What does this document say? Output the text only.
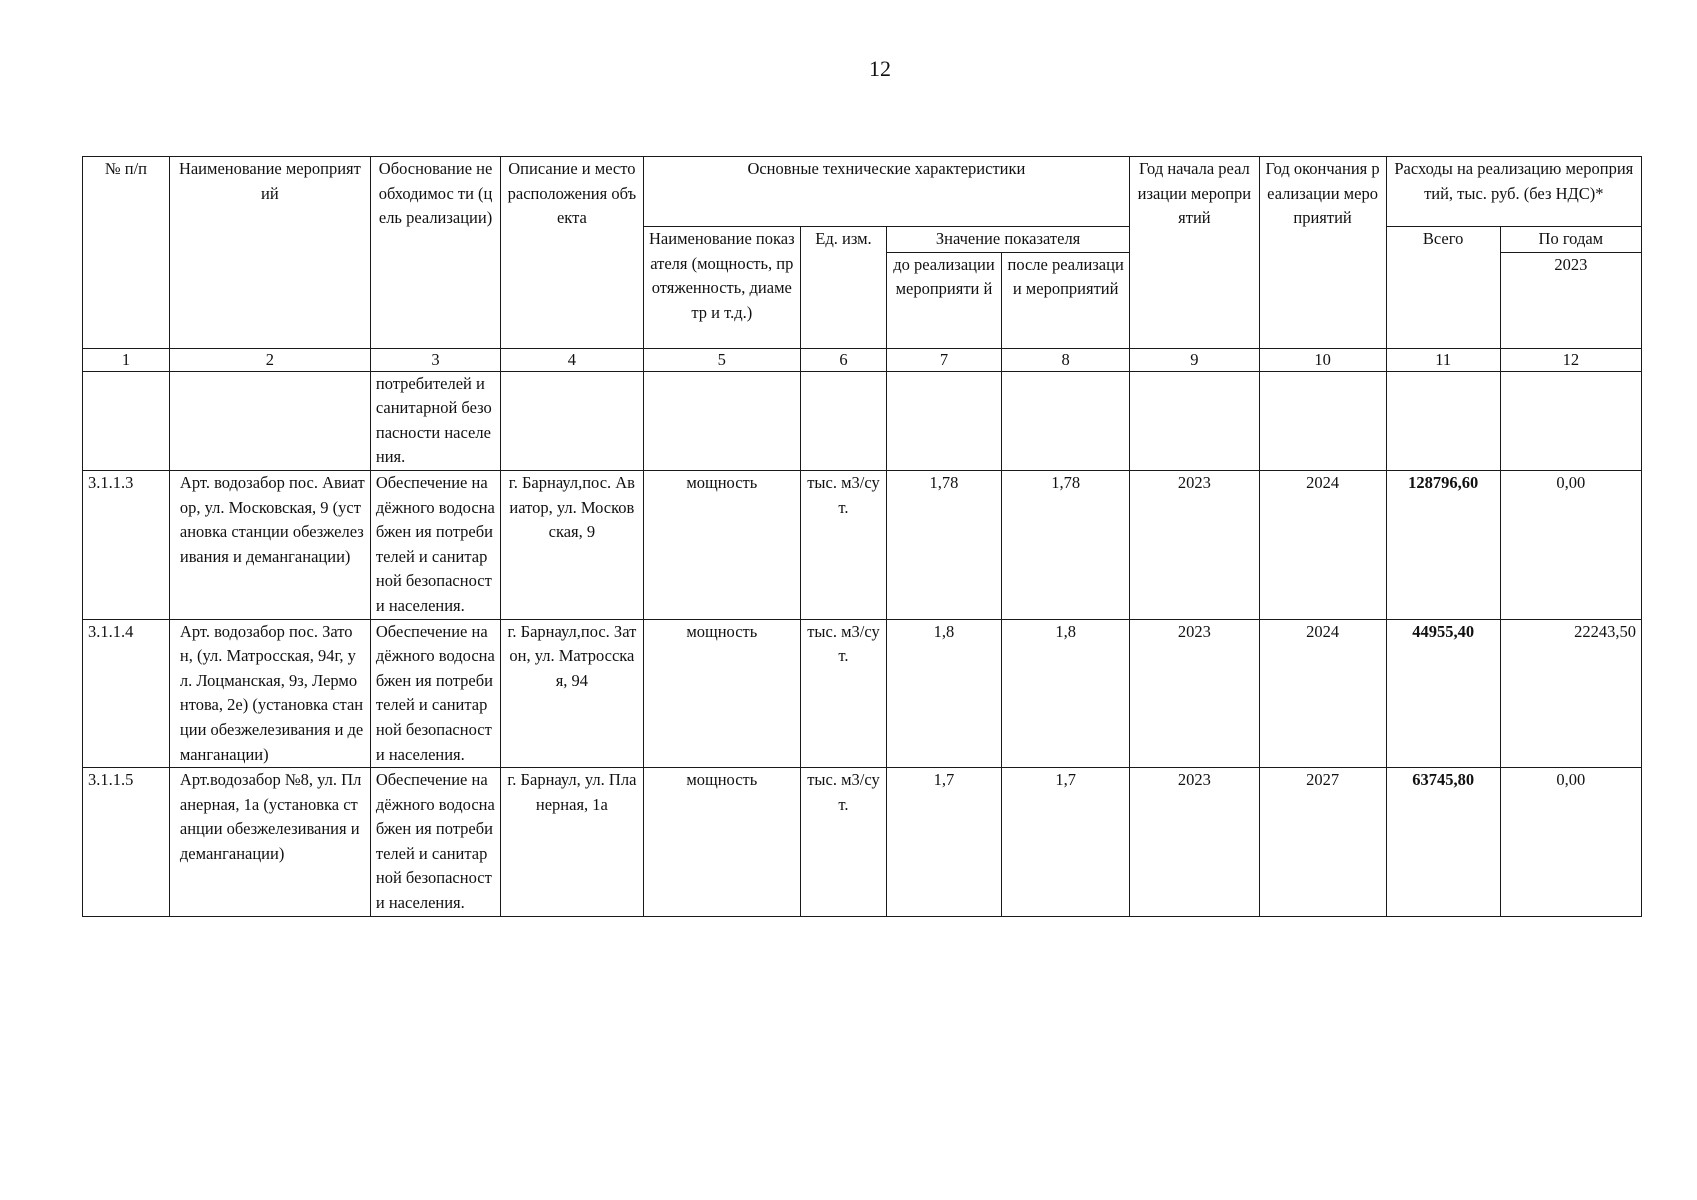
12
№ п/п	Наименование мероприятий	Обоснование необходимос ти (цель реализации)	Описание и место расположения объекта	Основные технические характеристики				Год начала реализации мероприятий	Год окончания реализации мероприятий	Расходы на реализацию мероприятий, тыс. руб. (без НДС)*	
				Наименование показателя (мощность, протяженность, диаметр и т.д.)	Ед. изм.	Значение показателя				Всего	По годам
						до реализации мероприяти й	после реализации мероприятий				2023
1	2	3	4	5	6	7	8	9	10	11	12
		потребителей и санитарной безопасности населения.									
3.1.1.3	Арт. водозабор пос. Авиатор, ул. Московская, 9 (установка станции обезжелезивания и деманганации)	Обеспечение надёжного водоснабжен ия потребителей и санитарной безопасности населения.	г. Барнаул,пос. Авиатор, ул. Московская, 9	мощность	тыс. м3/сут.	1,78	1,78	2023	2024	128796,60	0,00
3.1.1.4	Арт. водозабор пос. Затон, (ул. Матросская, 94г, ул. Лоцманская, 9з, Лермонтова, 2е) (установка станции обезжелезивания и деманганации)	Обеспечение надёжного водоснабжен ия потребителей и санитарной безопасности населения.	г. Барнаул,пос. Затон, ул. Матросская, 94	мощность	тыс. м3/сут.	1,8	1,8	2023	2024	44955,40	22243,50
3.1.1.5	Арт.водозабор №8, ул. Планерная, 1а (установка станции обезжелезивания и деманганации)	Обеспечение надёжного водоснабжен ия потребителей и санитарной безопасности населения.	г. Барнаул, ул. Планерная, 1а	мощность	тыс. м3/сут.	1,7	1,7	2023	2027	63745,80	0,00
